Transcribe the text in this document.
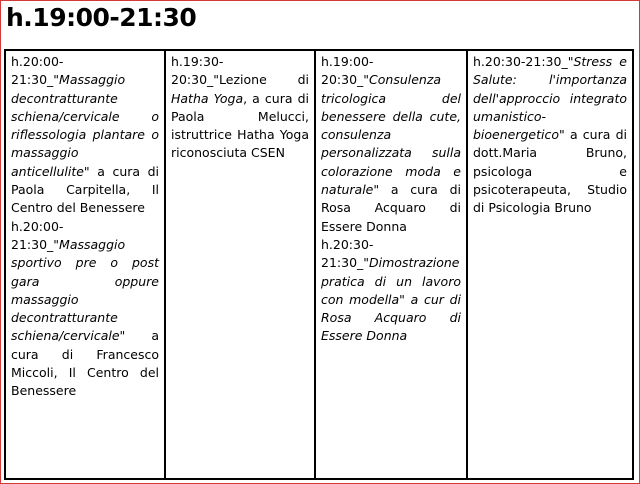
h.19:00-21:30

h.20:00-21:30_"Massaggio decontratturante schiena/cervicale o riflessologia plantare o massaggio anticellulite" a cura di Paola Carpitella, Il Centro del Benessere

h.20:00-21:30_"Massaggio sportivo pre o post gara oppure massaggio decontratturante schiena/cervicale" a cura di Francesco Miccoli, Il Centro del Benessere

h.19:30-20:30_"Lezione di Hatha Yoga, a cura di Paola Melucci, istruttrice Hatha Yoga riconosciuta CSEN

h.19:00-20:30_"Consulenza tricologica del benessere della cute, consulenza personalizzata sulla colorazione moda e naturale" a cura di Rosa Acquaro di Essere Donna

h.20:30-21:30_"Dimostrazione pratica di un lavoro con modella" a cur di Rosa Acquaro di Essere Donna

h.20:30-21:30_"Stress e Salute: l'importanza dell'approccio integrato umanistico-bioenergetico" a cura di dott.Maria Bruno, psicologa e psicoterapeuta, Studio di Psicologia Bruno
